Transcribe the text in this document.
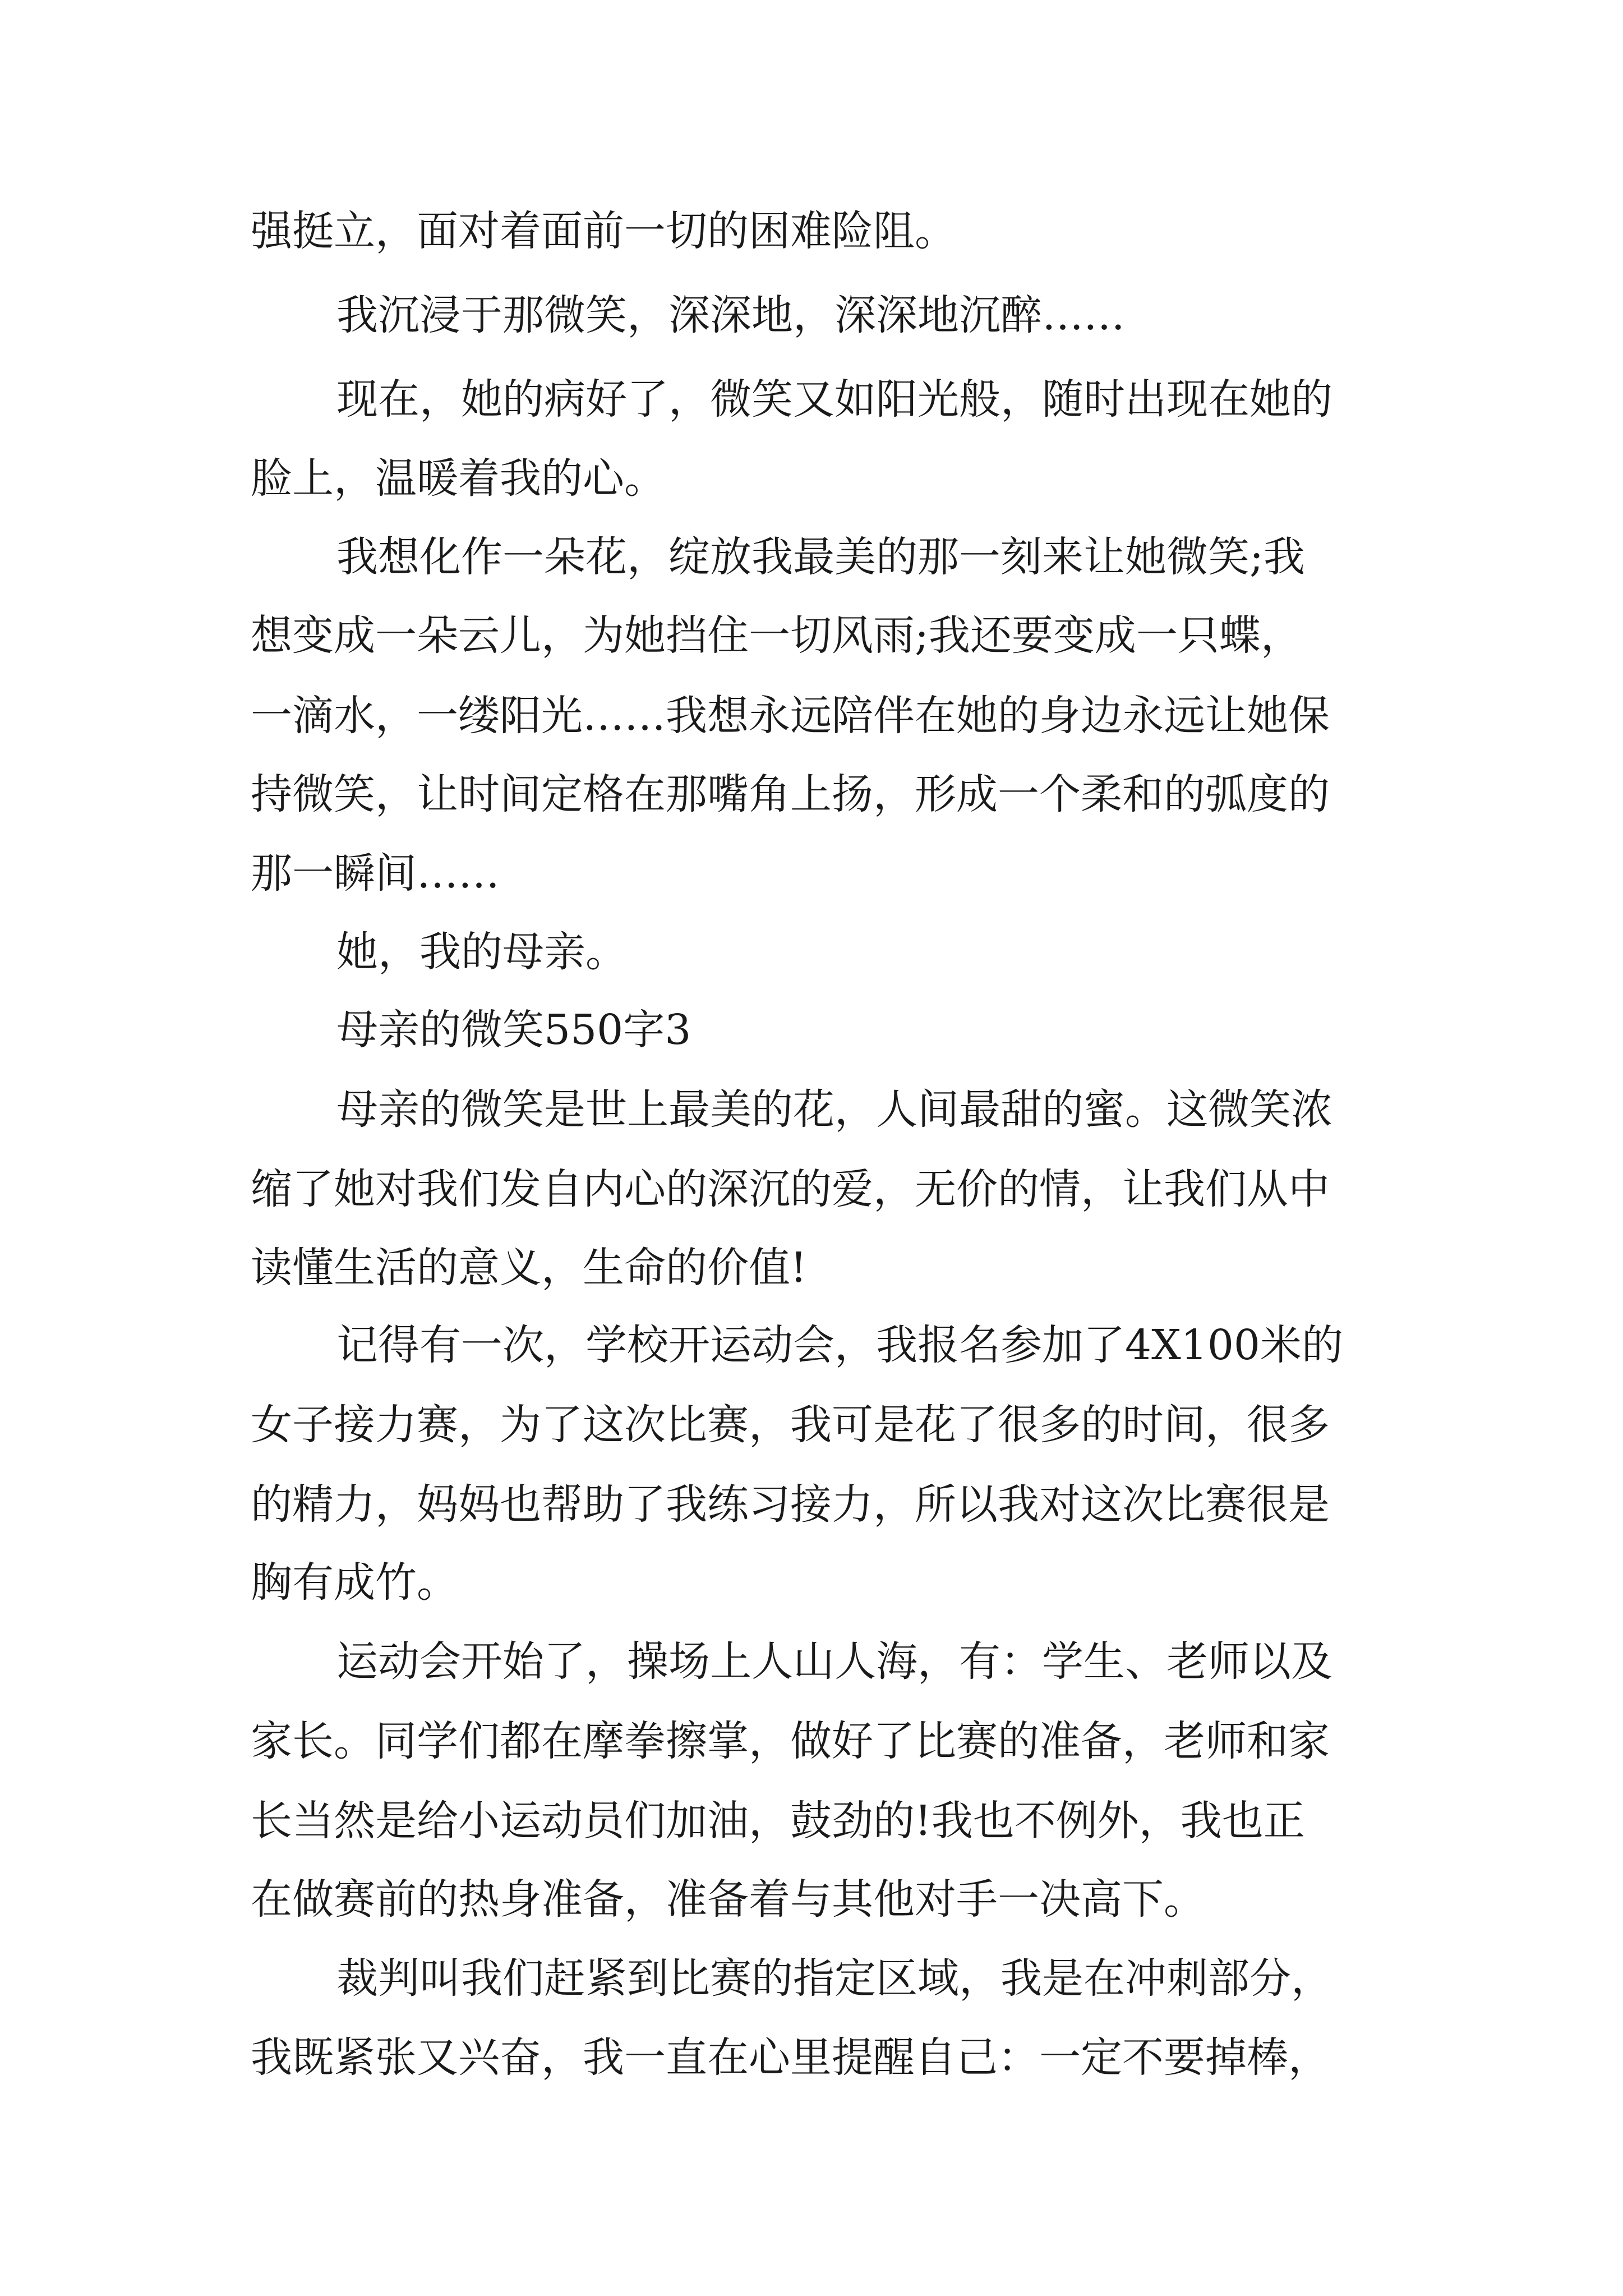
强挺立，面对着面前一切的困难险阻。
我沉浸于那微笑，深深地，深深地沉醉……
现在，她的病好了，微笑又如阳光般，随时出现在她的
脸上，温暖着我的心。
我想化作一朵花，绽放我最美的那一刻来让她微笑;我
想变成一朵云儿，为她挡住一切风雨;我还要变成一只蝶，
一滴水，一缕阳光……我想永远陪伴在她的身边永远让她保
持微笑，让时间定格在那嘴角上扬，形成一个柔和的弧度的
那一瞬间……
她，我的母亲。
母亲的微笑550字3
母亲的微笑是世上最美的花，人间最甜的蜜。这微笑浓
缩了她对我们发自内心的深沉的爱，无价的情，让我们从中
读懂生活的意义，生命的价值!
记得有一次，学校开运动会，我报名参加了4X100米的
女子接力赛，为了这次比赛，我可是花了很多的时间，很多
的精力，妈妈也帮助了我练习接力，所以我对这次比赛很是
胸有成竹。
运动会开始了，操场上人山人海，有：学生、老师以及
家长。同学们都在摩拳擦掌，做好了比赛的准备，老师和家
长当然是给小运动员们加油，鼓劲的!我也不例外，我也正
在做赛前的热身准备，准备着与其他对手一决高下。
裁判叫我们赶紧到比赛的指定区域，我是在冲刺部分，
我既紧张又兴奋，我一直在心里提醒自己：一定不要掉棒，
